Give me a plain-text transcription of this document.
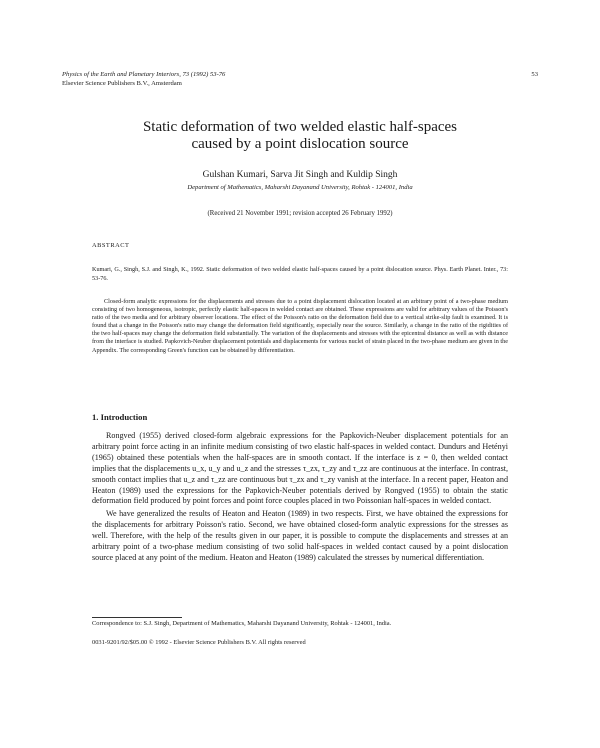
Physics of the Earth and Planetary Interiors, 73 (1992) 53-76
Elsevier Science Publishers B.V., Amsterdam
53
Static deformation of two welded elastic half-spaces
caused by a point dislocation source
Gulshan Kumari, Sarva Jit Singh and Kuldip Singh
Department of Mathematics, Maharshi Dayanand University, Rohtak - 124001, India
(Received 21 November 1991; revision accepted 26 February 1992)
ABSTRACT
Kumari, G., Singh, S.J. and Singh, K., 1992. Static deformation of two welded elastic half-spaces caused by a point dislocation source. Phys. Earth Planet. Inter., 73: 53-76.
Closed-form analytic expressions for the displacements and stresses due to a point displacement dislocation located at an arbitrary point of a two-phase medium consisting of two homogeneous, isotropic, perfectly elastic half-spaces in welded contact are obtained. These expressions are valid for arbitrary values of the Poisson's ratio of the two media and for arbitrary observer locations. The effect of the Poisson's ratio on the deformation field due to a vertical strike-slip fault is examined. It is found that a change in the Poisson's ratio may change the deformation field significantly, especially near the source. Similarly, a change in the ratio of the rigidities of the two half-spaces may change the deformation field substantially. The variation of the displacements and stresses with the epicentral distance as well as with distance from the interface is studied. Papkovich-Neuber displacement potentials and displacements for various nuclei of strain placed in the two-phase medium are given in the Appendix. The corresponding Green's function can be obtained by differentiation.
1. Introduction

Rongved (1955) derived closed-form algebraic expressions for the Papkovich-Neuber displacement potentials for an arbitrary point force acting in an infinite medium consisting of two elastic half-spaces in welded contact. Dundurs and Hetényi (1965) obtained these potentials when the half-spaces are in smooth contact. If the interface is z = 0, then welded contact implies that the displacements u_x, u_y and u_z and the stresses τ_zx, τ_zy and τ_zz are continuous at the interface. In contrast, smooth contact implies that u_z and τ_zz are continuous but τ_zx and τ_zy vanish at the interface. In a recent paper, Heaton and Heaton (1989) used the expressions for the Papkovich-Neuber potentials derived by Rongved (1955) to obtain the static deformation field produced by point forces and point force couples placed in two Poissonian half-spaces in welded contact.

We have generalized the results of Heaton and Heaton (1989) in two respects. First, we have obtained the expressions for the displacements for arbitrary Poisson's ratio. Second, we have obtained closed-form analytic expressions for the stresses as well. Therefore, with the help of the results given in our paper, it is possible to compute the displacements and stresses at an arbitrary point of a two-phase medium consisting of two solid half-spaces in welded contact caused by a point dislocation source placed at any point of the medium. Heaton and Heaton (1989) calculated the stresses by numerical differentiation.

Correspondence to: S.J. Singh, Department of Mathematics, Maharshi Dayanand University, Rohtak - 124001, India.
0031-9201/92/$05.00 © 1992 - Elsevier Science Publishers B.V. All rights reserved
